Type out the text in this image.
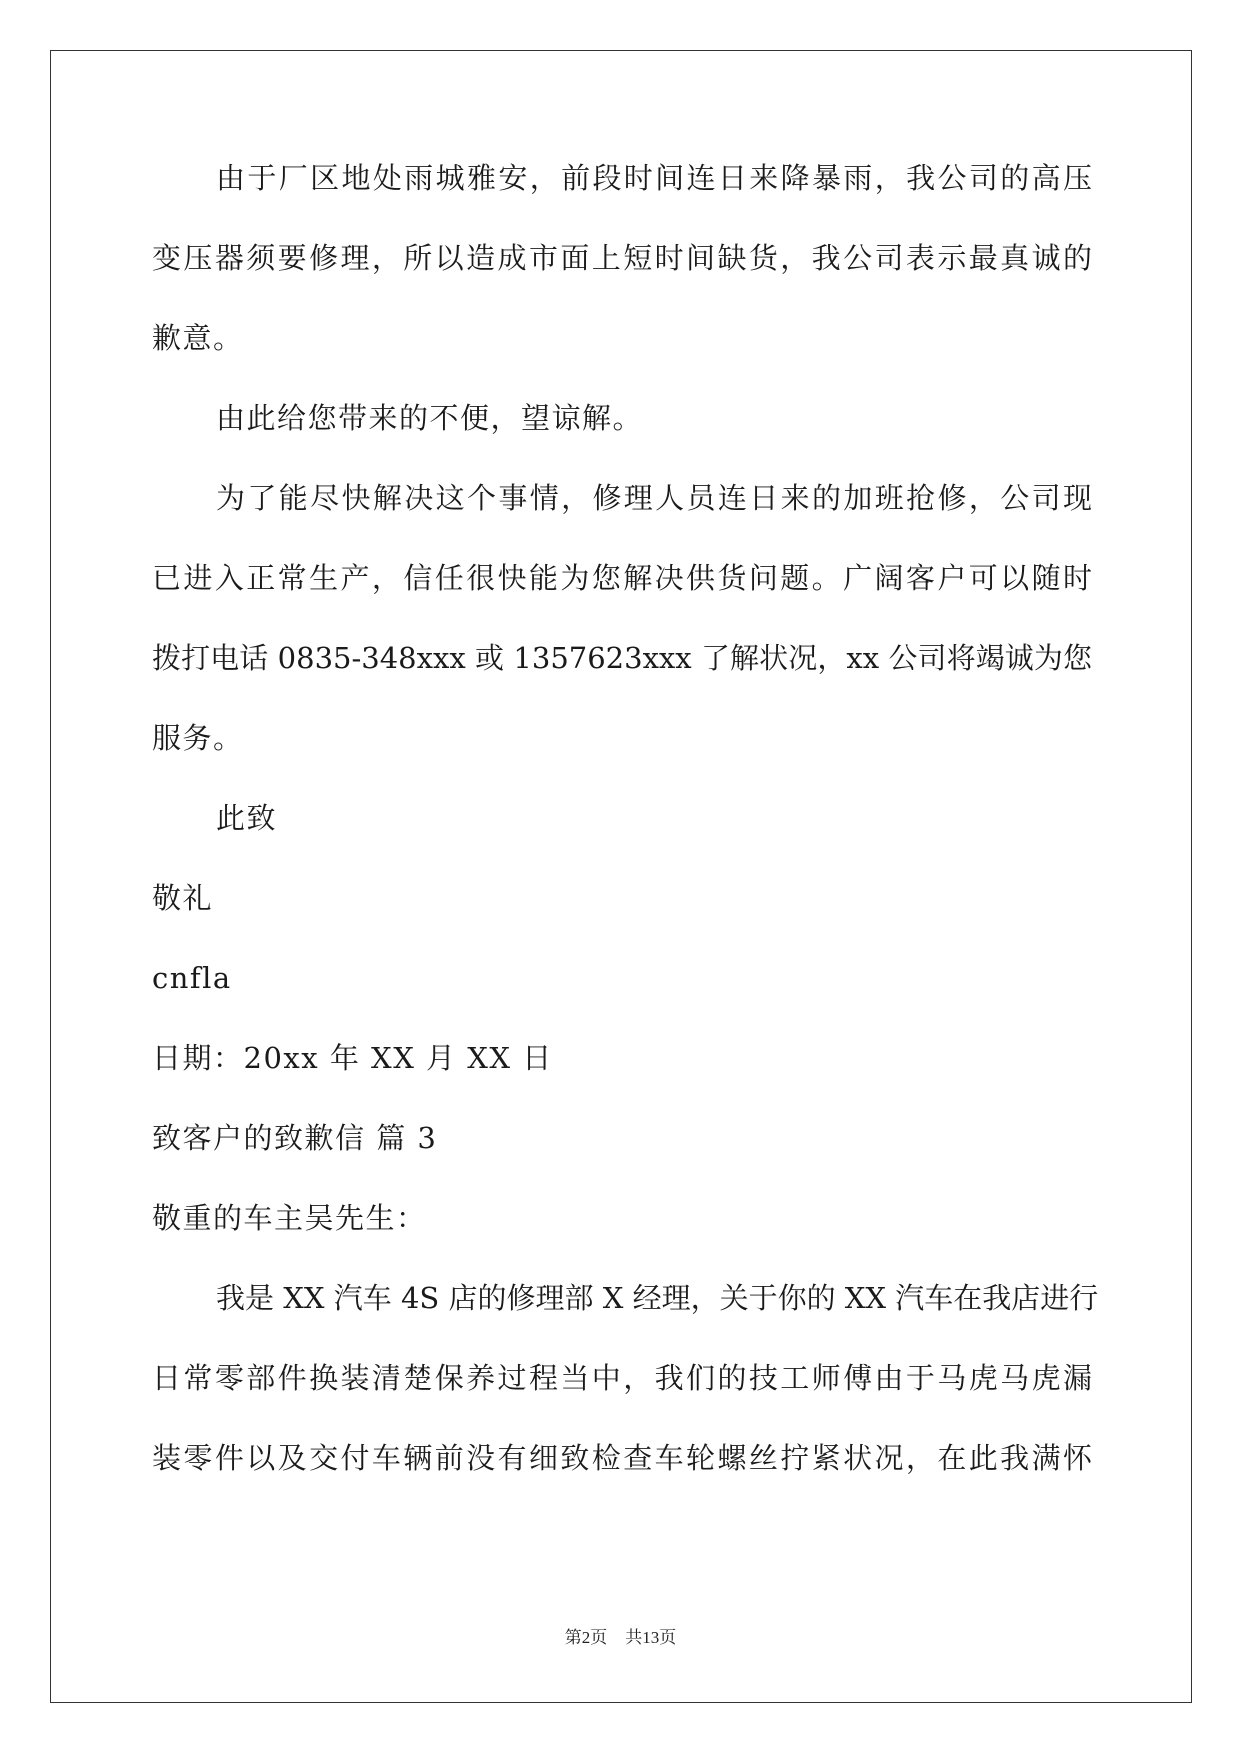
由于厂区地处雨城雅安，前段时间连日来降暴雨，我公司的高压
变压器须要修理，所以造成市面上短时间缺货，我公司表示最真诚的
歉意。
由此给您带来的不便，望谅解。
为了能尽快解决这个事情，修理人员连日来的加班抢修，公司现
已进入正常生产，信任很快能为您解决供货问题。广阔客户可以随时
拨打电话 0835-348xxx 或 1357623xxx 了解状况，xx 公司将竭诚为您
服务。
此致
敬礼
cnfla
日期：20xx 年 XX 月 XX 日
致客户的致歉信 篇 3
敬重的车主吴先生：
我是 XX 汽车 4S 店的修理部 X 经理，关于你的 XX 汽车在我店进行
日常零部件换装清楚保养过程当中，我们的技工师傅由于马虎马虎漏
装零件以及交付车辆前没有细致检查车轮螺丝拧紧状况，在此我满怀
第2页 共13页
